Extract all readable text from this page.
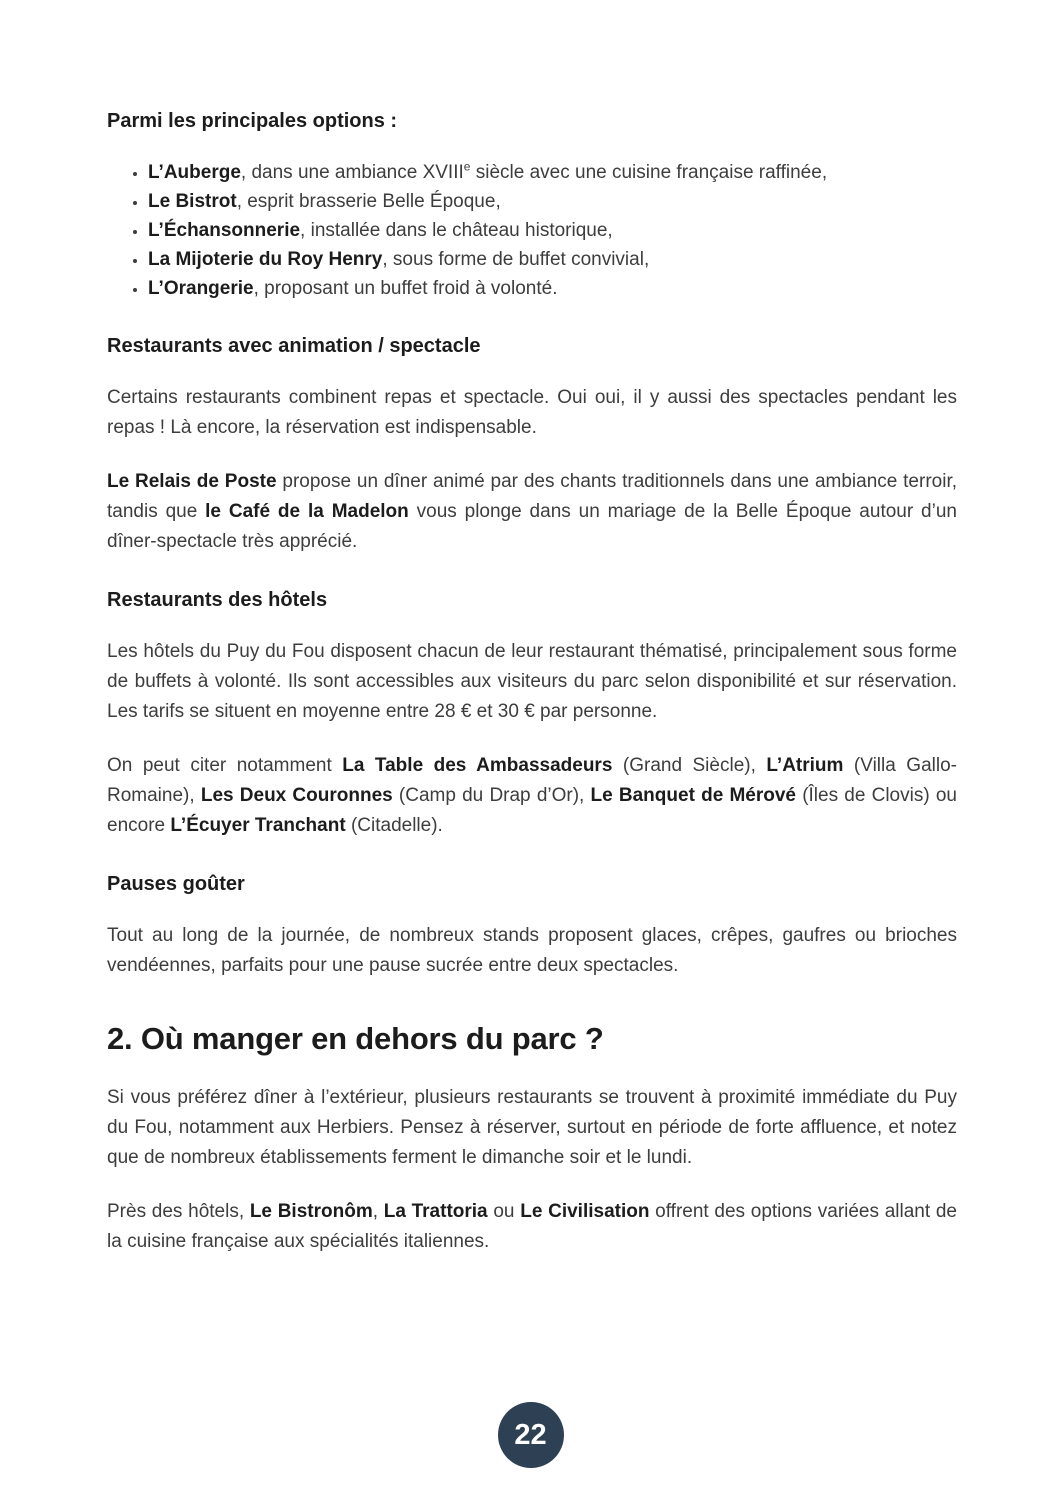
Parmi les principales options :
• L’Auberge, dans une ambiance XVIIIe siècle avec une cuisine française raffinée,
• Le Bistrot, esprit brasserie Belle Époque,
• L’Échansonnerie, installée dans le château historique,
• La Mijoterie du Roy Henry, sous forme de buffet convivial,
• L’Orangerie, proposant un buffet froid à volonté.
Restaurants avec animation / spectacle

Certains restaurants combinent repas et spectacle. Oui oui, il y aussi des spectacles pendant les repas ! Là encore, la réservation est indispensable.

Le Relais de Poste propose un dîner animé par des chants traditionnels dans une ambiance terroir, tandis que le Café de la Madelon vous plonge dans un mariage de la Belle Époque autour d’un dîner-spectacle très apprécié.

Restaurants des hôtels

Les hôtels du Puy du Fou disposent chacun de leur restaurant thématisé, principalement sous forme de buffets à volonté. Ils sont accessibles aux visiteurs du parc selon disponibilité et sur réservation. Les tarifs se situent en moyenne entre 28 € et 30 € par personne.

On peut citer notamment La Table des Ambassadeurs (Grand Siècle), L’Atrium (Villa Gallo-Romaine), Les Deux Couronnes (Camp du Drap d’Or), Le Banquet de Mérové (Îles de Clovis) ou encore L’Écuyer Tranchant (Citadelle).

Pauses goûter

Tout au long de la journée, de nombreux stands proposent glaces, crêpes, gaufres ou brioches vendéennes, parfaits pour une pause sucrée entre deux spectacles.

2. Où manger en dehors du parc ?

Si vous préférez dîner à l’extérieur, plusieurs restaurants se trouvent à proximité immédiate du Puy du Fou, notamment aux Herbiers. Pensez à réserver, surtout en période de forte affluence, et notez que de nombreux établissements ferment le dimanche soir et le lundi.

Près des hôtels, Le Bistronôm, La Trattoria ou Le Civilisation offrent des options variées allant de la cuisine française aux spécialités italiennes.

22
